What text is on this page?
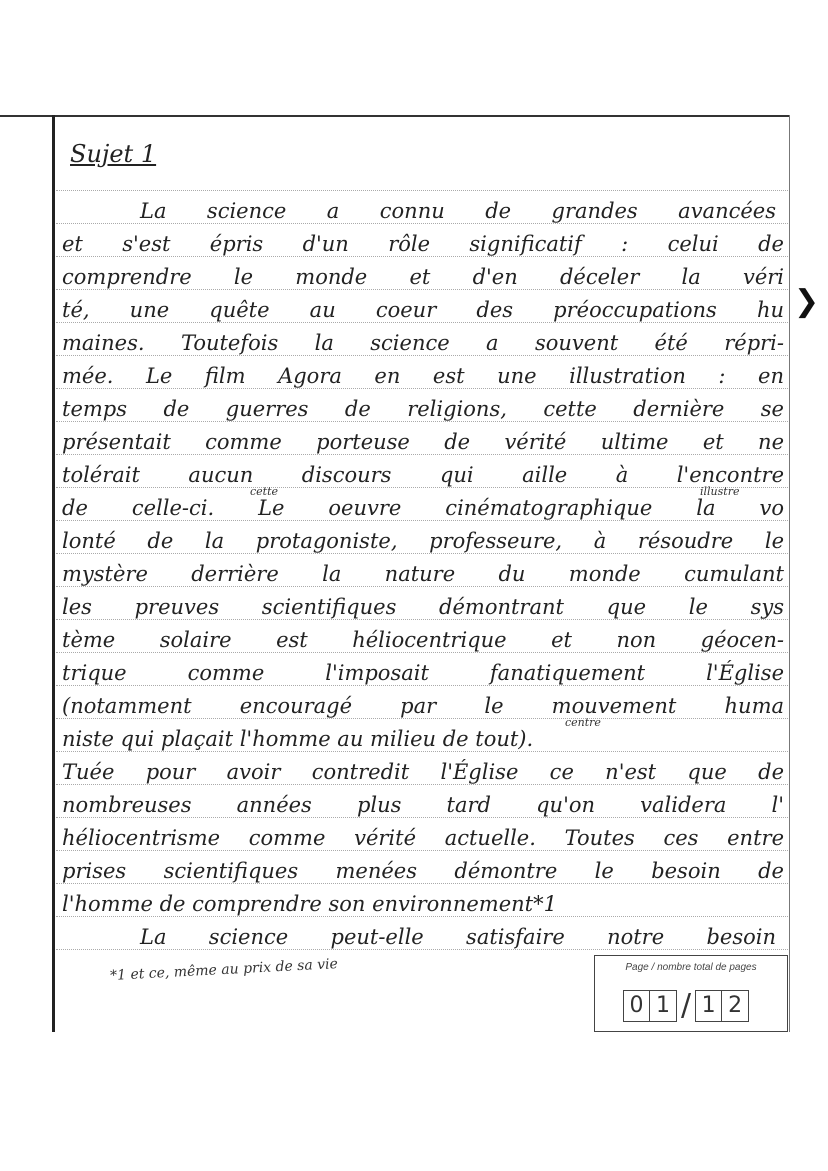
Sujet 1
La science a connu de grandes avancées
et s'est épris d'un rôle significatif : celui de
comprendre le monde et d'en déceler la véri
té, une quête au coeur des préoccupations hu
maines. Toutefois la science a souvent été répri-
mée. Le film Agora en est une illustration : en
temps de guerres de religions, cette dernière se
présentait comme porteuse de vérité ultime et ne
tolérait aucun discours qui aille à l'encontre
de celle-ci. Le oeuvre cinématographique la vo
lonté de la protagoniste, professeure, à résoudre le
mystère derrière la nature du monde cumulant
les preuves scientifiques démontrant que le sys
tème solaire est héliocentrique et non géocen-
trique comme l'imposait fanatiquement l'Église
(notamment encouragé par le mouvement huma
niste qui plaçait l'homme au milieu de tout).
Tuée pour avoir contredit l'Église ce n'est que de
nombreuses années plus tard qu'on validera l'
héliocentrisme comme vérité actuelle. Toutes ces entre
prises scientifiques menées démontre le besoin de
l'homme de comprendre son environnement*1
La science peut-elle satisfaire notre besoin
cette	illustre
centre
*1 et ce, même au prix de sa vie
❯
Page / nombre total de pages
0 1 / 1 2
